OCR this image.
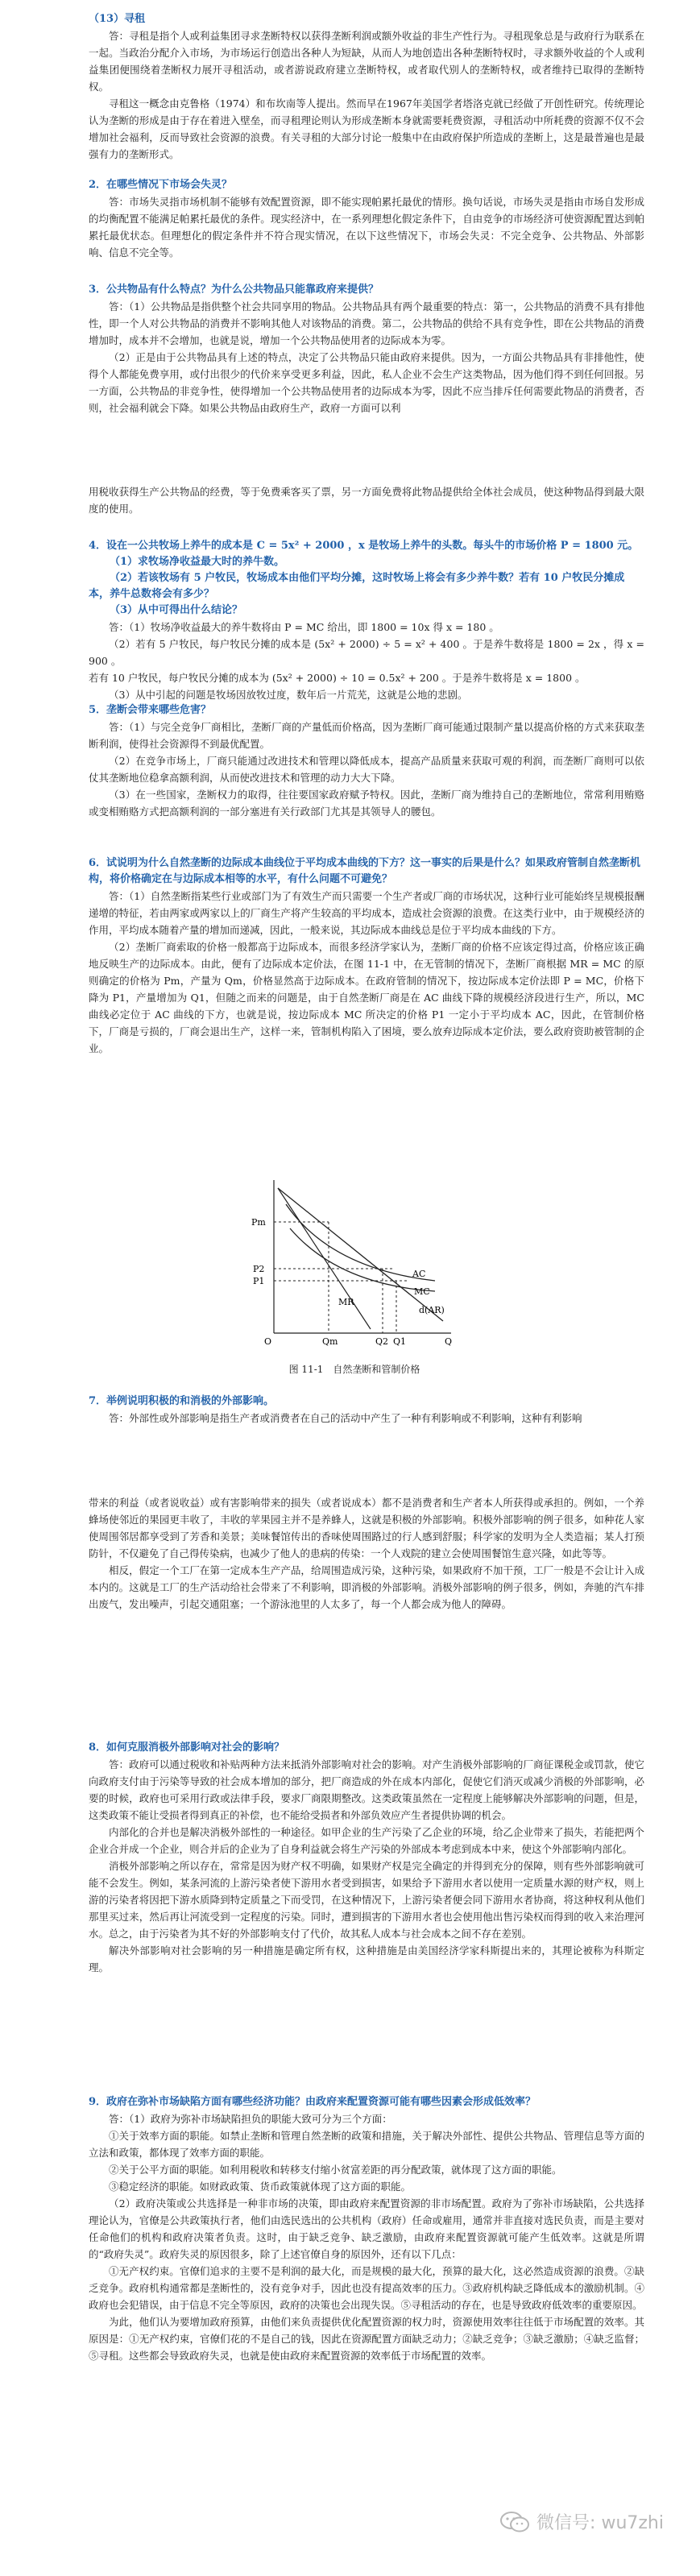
（13）寻租

答：寻租是指个人或利益集团寻求垄断特权以获得垄断利润或额外收益的非生产性行为。寻租现象总是与政府行为联系在一起。当政治分配介入市场，为市场运行创造出各种人为短缺，从而人为地创造出各种垄断特权时，寻求额外收益的个人或利益集团便围绕着垄断权力展开寻租活动，或者游说政府建立垄断特权，或者取代别人的垄断特权，或者维持已取得的垄断特权。

寻租这一概念由克鲁格（1974）和布坎南等人提出。然而早在1967年美国学者塔洛克就已经做了开创性研究。传统理论认为垄断的形成是由于存在着进入壁垒，而寻租理论则认为形成垄断本身就需要耗费资源，寻租活动中所耗费的资源不仅不会增加社会福利，反而导致社会资源的浪费。有关寻租的大部分讨论一般集中在由政府保护所造成的垄断上，这是最普遍也是最强有力的垄断形式。

2．在哪些情况下市场会失灵？

答：市场失灵指市场机制不能够有效配置资源，即不能实现帕累托最优的情形。换句话说，市场失灵是指由市场自发形成的均衡配置不能满足帕累托最优的条件。现实经济中，在一系列理想化假定条件下，自由竞争的市场经济可使资源配置达到帕累托最优状态。但理想化的假定条件并不符合现实情况，在以下这些情况下，市场会失灵：不完全竞争、公共物品、外部影响、信息不完全等。

3．公共物品有什么特点？为什么公共物品只能靠政府来提供？

答：（1）公共物品是指供整个社会共同享用的物品。公共物品具有两个最重要的特点：第一，公共物品的消费不具有排他性，即一个人对公共物品的消费并不影响其他人对该物品的消费。第二，公共物品的供给不具有竞争性，即在公共物品的消费增加时，成本并不会增加，也就是说，增加一个公共物品使用者的边际成本为零。

（2）正是由于公共物品具有上述的特点，决定了公共物品只能由政府来提供。因为，一方面公共物品具有非排他性，使得个人都能免费享用，或付出很少的代价来享受更多利益，因此，私人企业不会生产这类物品，因为他们得不到任何回报。另一方面，公共物品的非竞争性，使得增加一个公共物品使用者的边际成本为零，因此不应当排斥任何需要此物品的消费者，否则，社会福利就会下降。如果公共物品由政府生产，政府一方面可以利

用税收获得生产公共物品的经费，等于免费乘客买了票，另一方面免费将此物品提供给全体社会成员，使这种物品得到最大限度的使用。

4．设在一公共牧场上养牛的成本是 C = 5x² + 2000 ，x 是牧场上养牛的头数。每头牛的市场价格 P = 1800 元。
（1）求牧场净收益最大时的养牛数。
（2）若该牧场有 5 户牧民，牧场成本由他们平均分摊，这时牧场上将会有多少养牛数？若有 10 户牧民分摊成本，养牛总数将会有多少？
（3）从中可得出什么结论？

答：（1）牧场净收益最大的养牛数将由 P = MC 给出，即 1800 = 10x 得 x = 180 。

（2）若有 5 户牧民，每户牧民分摊的成本是 (5x² + 2000) ÷ 5 = x² + 400 。于是养牛数将是 1800 = 2x ，得 x = 900 。

若有 10 户牧民，每户牧民分摊的成本为 (5x² + 2000) ÷ 10 = 0.5x² + 200 。于是养牛数将是 x = 1800 。

（3）从中引起的问题是牧场因放牧过度，数年后一片荒芜，这就是公地的悲剧。

5．垄断会带来哪些危害？

答：（1）与完全竞争厂商相比，垄断厂商的产量低而价格高，因为垄断厂商可能通过限制产量以提高价格的方式来获取垄断利润，使得社会资源得不到最优配置。

（2）在竞争市场上，厂商只能通过改进技术和管理以降低成本，提高产品质量来获取可观的利润，而垄断厂商则可以依仗其垄断地位稳拿高额利润，从而使改进技术和管理的动力大大下降。

（3）在一些国家，垄断权力的取得，往往要国家政府赋予特权。因此，垄断厂商为维持自己的垄断地位，常常利用贿赂或变相贿赂方式把高额利润的一部分塞进有关行政部门尤其是其领导人的腰包。

6．试说明为什么自然垄断的边际成本曲线位于平均成本曲线的下方？这一事实的后果是什么？如果政府管制自然垄断机构，将价格确定在与边际成本相等的水平，有什么问题不可避免？

答：（1）自然垄断指某些行业或部门为了有效生产而只需要一个生产者或厂商的市场状况，这种行业可能始终呈规模报酬递增的特征，若由两家或两家以上的厂商生产将产生较高的平均成本，造成社会资源的浪费。在这类行业中，由于规模经济的作用，平均成本随着产量的增加而递减，因此，一般来说，其边际成本曲线总是位于平均成本曲线的下方。

（2）垄断厂商索取的价格一般都高于边际成本，而很多经济学家认为，垄断厂商的价格不应该定得过高，价格应该正确地反映生产的边际成本。由此，便有了边际成本定价法，在图 11-1 中，在无管制的情况下，垄断厂商根据 MR = MC 的原则确定的价格为 Pm，产量为 Qm，价格显然高于边际成本。在政府管制的情况下，按边际成本定价法即 P = MC，价格下降为 P1，产量增加为 Q1，但随之而来的问题是，由于自然垄断厂商是在 AC 曲线下降的规模经济段进行生产，所以，MC 曲线必定位于 AC 曲线的下方，也就是说，按边际成本 MC 所决定的价格 P1 一定小于平均成本 AC，因此，在管制价格下，厂商是亏损的，厂商会退出生产，这样一来，管制机构陷入了困境，要么放弃边际成本定价法，要么政府资助被管制的企业。

Pm
P2
P1
O	Qm	Q2 Q1	Q
AC
MC
MR
d(AR)
图 11-1　自然垄断和管制价格
7．举例说明积极的和消极的外部影响。

答：外部性或外部影响是指生产者或消费者在自己的活动中产生了一种有利影响或不利影响，这种有利影响

带来的利益（或者说收益）或有害影响带来的损失（或者说成本）都不是消费者和生产者本人所获得或承担的。例如，一个养蜂场使邻近的果园更丰收了，丰收的苹果园主并不是养蜂人，这就是积极的外部影响。积极外部影响的例子很多，如种花人家使周围邻居都享受到了芳香和美景；美味餐馆传出的香味使周围路过的行人感到舒服；科学家的发明为全人类造福；某人打预防针，不仅避免了自己得传染病，也减少了他人的患病的传染：一个人戏院的建立会使周围餐馆生意兴隆，如此等等。

相反，假定一个工厂在第一定成本生产产品，给周围造成污染，这种污染，如果政府不加干预，工厂一般是不会让计入成本内的。这就是工厂的生产活动给社会带来了不利影响，即消极的外部影响。消极外部影响的例子很多，例如，奔驰的汽车排出废气，发出噪声，引起交通阻塞；一个游泳池里的人太多了，每一个人都会成为他人的障碍。

8．如何克服消极外部影响对社会的影响？

答：政府可以通过税收和补贴两种方法来抵消外部影响对社会的影响。对产生消极外部影响的厂商征课税金或罚款，使它向政府支付由于污染等导致的社会成本增加的部分，把厂商造成的外在成本内部化，促使它们消灭或减少消极的外部影响，必要的时候，政府也可采用行政或法律手段，要求厂商限期整改。这类政策虽然在一定程度上能够解决外部影响的问题，但是，这类政策不能让受损者得到真正的补偿，也不能给受损者和外部负效应产生者提供协调的机会。

内部化的合并也是解决消极外部性的一种途径。如甲企业的生产污染了乙企业的环境，给乙企业带来了损失，若能把两个企业合并成一个企业，则合并后的企业为了自身利益就会将生产污染的外部成本考虑到成本中来，使这个外部影响内部化。

消极外部影响之所以存在，常常是因为财产权不明确，如果财产权是完全确定的并得到充分的保障，则有些外部影响就可能不会发生。例如，某条河流的上游污染者使下游用水者受到损害，如果给予下游用水者以使用一定质量水源的财产权，则上游的污染者将因把下游水质降到特定质量之下而受罚，在这种情况下，上游污染者便会同下游用水者协商，将这种权利从他们那里买过来，然后再让河流受到一定程度的污染。同时，遭到损害的下游用水者也会使用他出售污染权而得到的收入来治理河水。总之，由于污染者为其不好的外部影响支付了代价，故其私人成本与社会成本之间不存在差别。

解决外部影响对社会影响的另一种措施是确定所有权，这种措施是由美国经济学家科斯提出来的，其理论被称为科斯定理。

9．政府在弥补市场缺陷方面有哪些经济功能？由政府来配置资源可能有哪些因素会形成低效率？

答：（1）政府为弥补市场缺陷担负的职能大致可分为三个方面：

①关于效率方面的职能。如禁止垄断和管理自然垄断的政策和措施，关于解决外部性、提供公共物品、管理信息等方面的立法和政策，都体现了效率方面的职能。

②关于公平方面的职能。如利用税收和转移支付缩小贫富差距的再分配政策，就体现了这方面的职能。

③稳定经济的职能。如财政政策、货币政策就体现了这方面的职能。

（2）政府决策或公共选择是一种非市场的决策，即由政府来配置资源的非市场配置。政府为了弥补市场缺陷，公共选择理论认为，官僚是公共政策执行者，他们由选民选出的公共机构（政府）任命或雇用，通常并非直接对选民负责，而是主要对任命他们的机构和政府决策者负责。这时，由于缺乏竞争、缺乏激励，由政府来配置资源就可能产生低效率。这就是所谓的“政府失灵”。政府失灵的原因很多，除了上述官僚自身的原因外，还有以下几点：

①无产权约束。官僚们追求的主要不是利润的最大化，而是规模的最大化，预算的最大化，这必然造成资源的浪费。②缺乏竞争。政府机构通常都是垄断性的，没有竞争对手，因此也没有提高效率的压力。③政府机构缺乏降低成本的激励机制。④政府也会犯错误，由于信息不完全等原因，政府的决策也会出现失误。⑤寻租活动的存在，也是导致政府低效率的重要原因。

为此，他们认为要增加政府预算，由他们来负责提供优化配置资源的权力时，资源使用效率往往低于市场配置的效率。其原因是：①无产权约束，官僚们花的不是自己的钱，因此在资源配置方面缺乏动力；②缺乏竞争；③缺乏激励；④缺乏监督；⑤寻租。这些都会导致政府失灵，也就是使由政府来配置资源的效率低于市场配置的效率。

微信号: wu7zhi
